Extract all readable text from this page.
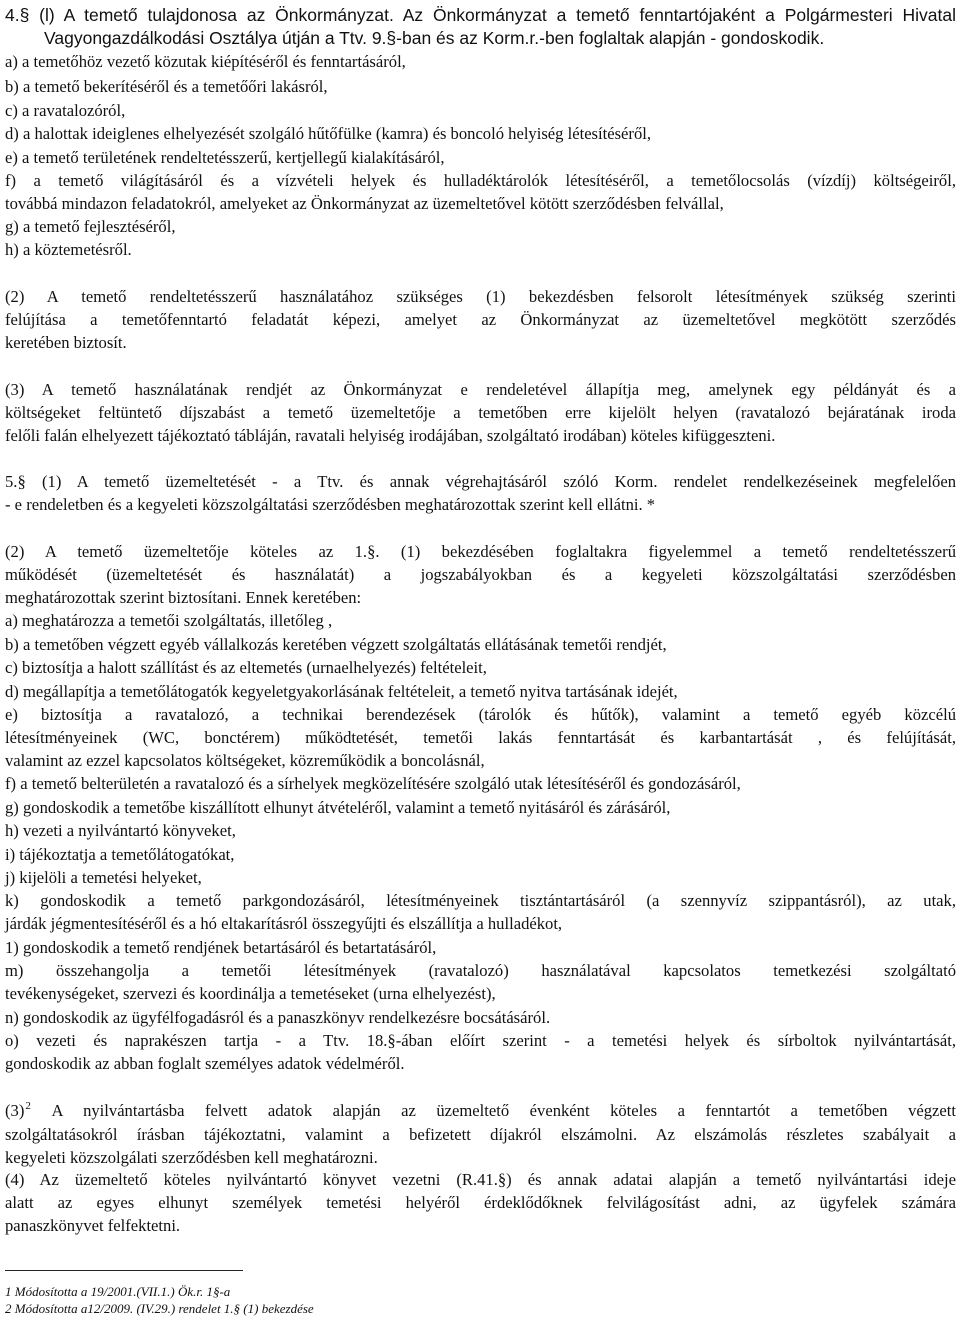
4.§ (l) A temető tulajdonosa az Önkormányzat. Az Önkormányzat a temető fenntartójaként a Polgármesteri Hivatal
Vagyongazdálkodási Osztálya útján a Ttv. 9.§-ban és az Korm.r.-ben foglaltak alapján - gondoskodik.
a) a temetőhöz vezető közutak kiépítéséről és fenntartásáról,
b) a temető bekerítéséről és a temetőőri lakásról,
c) a ravatalozóról,
d) a halottak ideiglenes elhelyezését szolgáló hűtőfülke (kamra) és boncoló helyiség létesítéséről,
e) a temető területének rendeltetésszerű, kertjellegű kialakításáról,
f) a temető világításáról és a vízvételi helyek és hulladéktárolók létesítéséről, a temetőlocsolás (vízdíj) költségeiről,
továbbá mindazon feladatokról, amelyeket az Önkormányzat az üzemeltetővel kötött szerződésben felvállal,
g) a temető fejlesztéséről,
h) a köztemetésről.
(2) A temető rendeltetésszerű használatához szükséges (1) bekezdésben felsorolt létesítmények szükség szerinti
felújítása a temetőfenntartó feladatát képezi, amelyet az Önkormányzat az üzemeltetővel megkötött szerződés
keretében biztosít.
(3) A temető használatának rendjét az Önkormányzat e rendeletével állapítja meg, amelynek egy példányát és a
költségeket feltüntető díjszabást a temető üzemeltetője a temetőben erre kijelölt helyen (ravatalozó bejáratának iroda
felőli falán elhelyezett tájékoztató tábláján, ravatali helyiség irodájában, szolgáltató irodában) köteles kifüggeszteni.
5.§ (1) A temető üzemeltetését - a Ttv. és annak végrehajtásáról szóló Korm. rendelet rendelkezéseinek megfelelően
- e rendeletben és a kegyeleti közszolgáltatási szerződésben meghatározottak szerint kell ellátni. *
(2) A temető üzemeltetője köteles az 1.§. (1) bekezdésében foglaltakra figyelemmel a temető rendeltetésszerű
működését (üzemeltetését és használatát) a jogszabályokban és a kegyeleti közszolgáltatási szerződésben
meghatározottak szerint biztosítani. Ennek keretében:
a) meghatározza a temetői szolgáltatás, illetőleg ,
b) a temetőben végzett egyéb vállalkozás keretében végzett szolgáltatás ellátásának temetői rendjét,
c) biztosítja a halott szállítást és az eltemetés (urnaelhelyezés) feltételeit,
d) megállapítja a temetőlátogatók kegyeletgyakorlásának feltételeit, a temető nyitva tartásának idejét,
e) biztosítja a ravatalozó, a technikai berendezések (tárolók és hűtők), valamint a temető egyéb közcélú
létesítményeinek (WC, bonctérem) működtetését, temetői lakás fenntartását és karbantartását , és felújítását,
valamint az ezzel kapcsolatos költségeket, közreműködik a boncolásnál,
f) a temető belterületén a ravatalozó és a sírhelyek megközelítésére szolgáló utak létesítéséről és gondozásáról,
g) gondoskodik a temetőbe kiszállított elhunyt átvételéről, valamint a temető nyitásáról és zárásáról,
h) vezeti a nyilvántartó könyveket,
i) tájékoztatja a temetőlátogatókat,
j) kijelöli a temetési helyeket,
k) gondoskodik a temető parkgondozásáról, létesítményeinek tisztántartásáról (a szennyvíz szippantásról), az utak,
járdák jégmentesítéséről és a hó eltakarításról összegyűjti és elszállítja a hulladékot,
1) gondoskodik a temető rendjének betartásáról és betartatásáról,
m) összehangolja a temetői létesítmények (ravatalozó) használatával kapcsolatos temetkezési szolgáltató
tevékenységeket, szervezi és koordinálja a temetéseket (urna elhelyezést),
n) gondoskodik az ügyfélfogadásról és a panaszkönyv rendelkezésre bocsátásáról.
o) vezeti és naprakészen tartja - a Ttv. 18.§-ában előírt szerint - a temetési helyek és sírboltok nyilvántartását,
gondoskodik az abban foglalt személyes adatok védelméről.
$(3)^2$ A nyilvántartásba felvett adatok alapján az üzemeltető évenként köteles a fenntartót a temetőben végzett
szolgáltatásokról írásban tájékoztatni, valamint a befizetett díjakról elszámolni. Az elszámolás részletes szabályait a
kegyeleti közszolgálati szerződésben kell meghatározni.
(4) Az üzemeltető köteles nyilvántartó könyvet vezetni (R.41.§) és annak adatai alapján a temető nyilvántartási ideje
alatt az egyes elhunyt személyek temetési helyéről érdeklődőknek felvilágosítást adni, az ügyfelek számára
panaszkönyvet felfektetni.
1 Módosította a 19/2001.(VII.1.) Ök.r. 1§-a
2 Módosította a12/2009. (IV.29.) rendelet 1.§ (1) bekezdése
